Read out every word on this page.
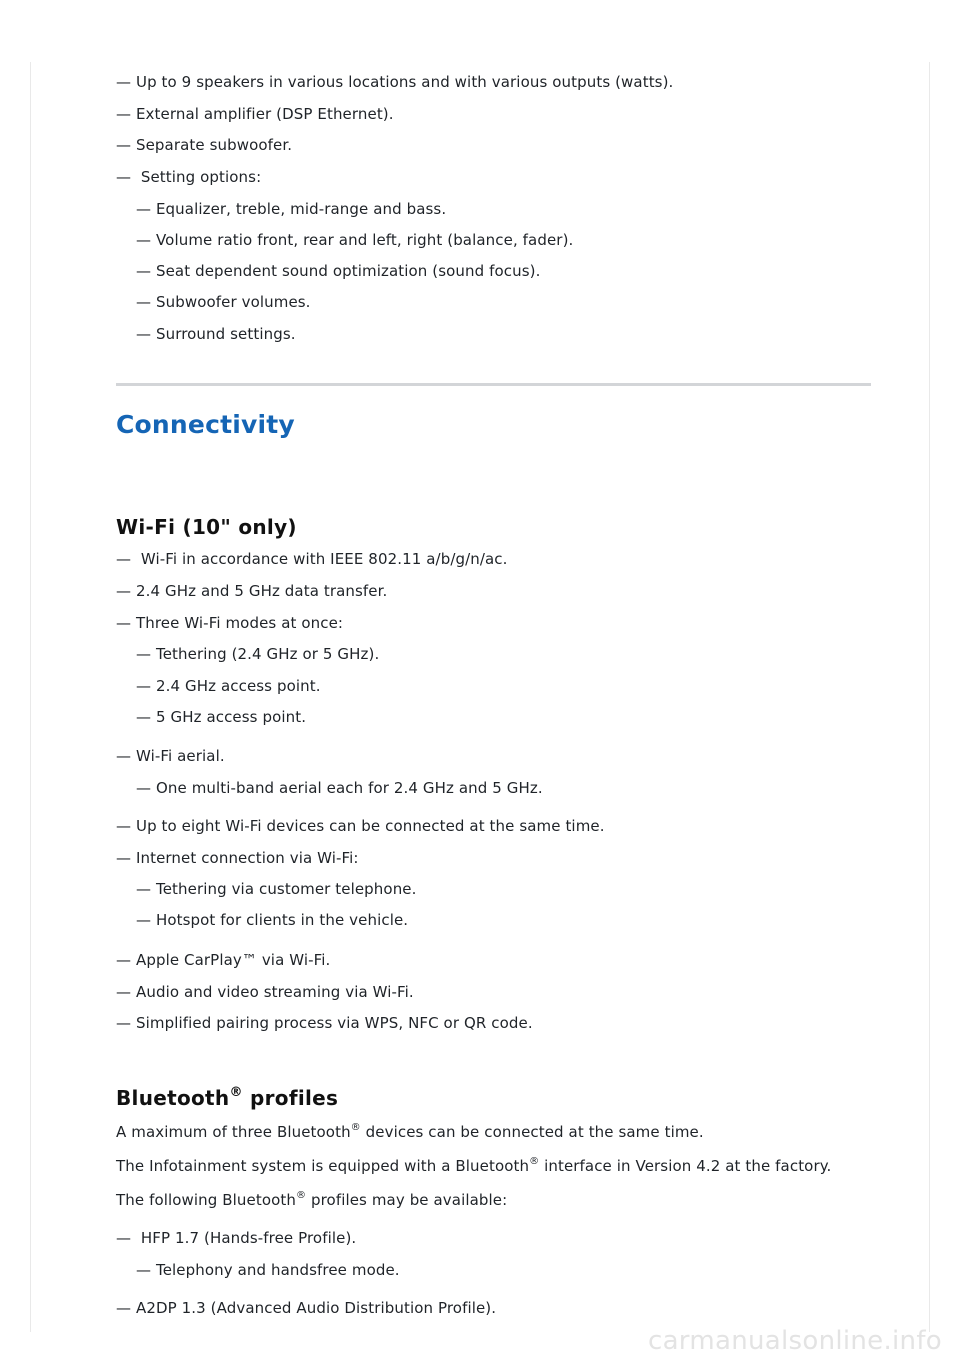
— Up to 9 speakers in various locations and with various outputs (watts).
— External amplifier (DSP Ethernet).
— Separate subwoofer.
—  Setting options:
— Equalizer, treble, mid-range and bass.
— Volume ratio front, rear and left, right (balance, fader).
— Seat dependent sound optimization (sound focus).
— Subwoofer volumes.
— Surround settings.
Connectivity
Wi-Fi (10" only)
—  Wi-Fi in accordance with IEEE 802.11 a/b/g/n/ac.
— 2.4 GHz and 5 GHz data transfer.
— Three Wi-Fi modes at once:
— Tethering (2.4 GHz or 5 GHz).
— 2.4 GHz access point.
— 5 GHz access point.
— Wi-Fi aerial.
— One multi-band aerial each for 2.4 GHz and 5 GHz.
— Up to eight Wi-Fi devices can be connected at the same time.
— Internet connection via Wi-Fi:
— Tethering via customer telephone.
— Hotspot for clients in the vehicle.
— Apple CarPlay™ via Wi-Fi.
— Audio and video streaming via Wi-Fi.
— Simplified pairing process via WPS, NFC or QR code.
Bluetooth® profiles
A maximum of three Bluetooth® devices can be connected at the same time.
The Infotainment system is equipped with a Bluetooth® interface in Version 4.2 at the factory.
The following Bluetooth® profiles may be available:
—  HFP 1.7 (Hands-free Profile).
— Telephony and handsfree mode.
— A2DP 1.3 (Advanced Audio Distribution Profile).
carmanualsonline.info
